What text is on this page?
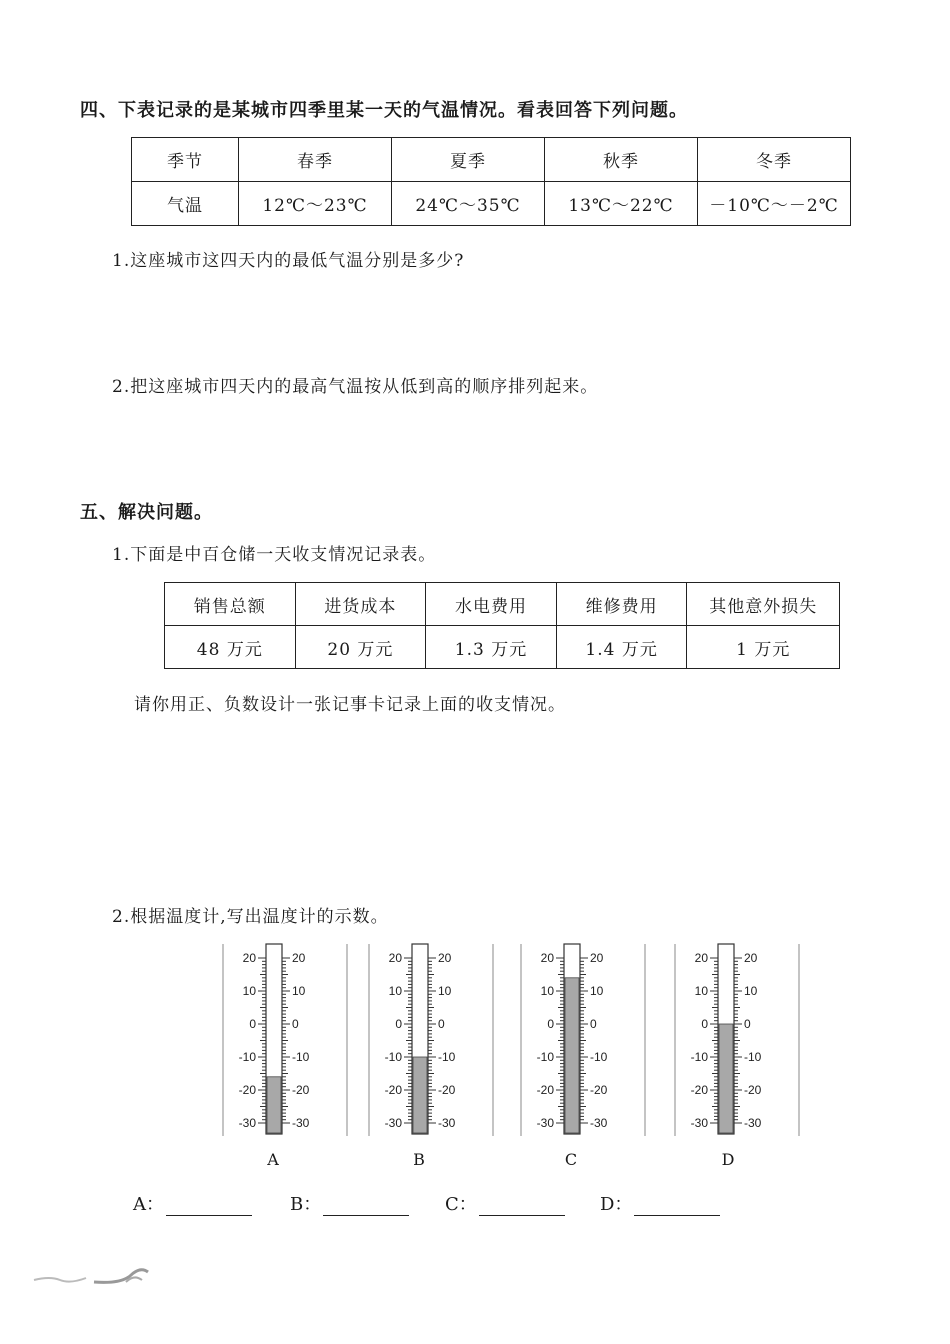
四、下表记录的是某城市四季里某一天的气温情况。看表回答下列问题。
季节	春季	夏季	秋季	冬季
气温	12℃～23℃	24℃～35℃	13℃～22℃	－10℃～－2℃
1.这座城市这四天内的最低气温分别是多少?
2.把这座城市四天内的最高气温按从低到高的顺序排列起来。
五、解决问题。
1.下面是中百仓储一天收支情况记录表。
销售总额	进货成本	水电费用	维修费用	其他意外损失
48 万元	20 万元	1.3 万元	1.4 万元	1 万元
请你用正、负数设计一张记事卡记录上面的收支情况。
2.根据温度计,写出温度计的示数。
20	20
10	10
0	0
-10	-10
-20	-20
-30	-30
20	20
10	10
0	0
-10	-10
-20	-20
-30	-30
20	20
10	10
0	0
-10	-10
-20	-20
-30	-30
20	20
10	10
0	0
-10	-10
-20	-20
-30	-30
A	B	C	D
A：	B：	C：	D：
